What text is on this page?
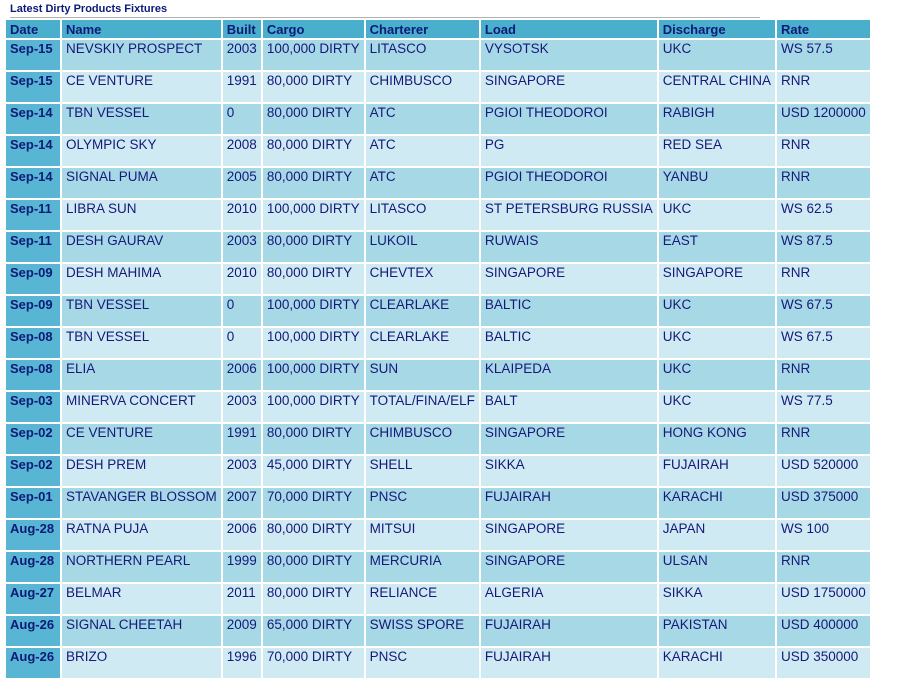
Latest Dirty Products Fixtures
Date	Name	Built	Cargo	Charterer	Load	Discharge	Rate
Sep-15	NEVSKIY PROSPECT	2003	100,000 DIRTY	LITASCO	VYSOTSK	UKC	WS 57.5
Sep-15	CE VENTURE	1991	80,000 DIRTY	CHIMBUSCO	SINGAPORE	CENTRAL CHINA	RNR
Sep-14	TBN VESSEL	0	80,000 DIRTY	ATC	PGIOI THEODOROI	RABIGH	USD 1200000
Sep-14	OLYMPIC SKY	2008	80,000 DIRTY	ATC	PG	RED SEA	RNR
Sep-14	SIGNAL PUMA	2005	80,000 DIRTY	ATC	PGIOI THEODOROI	YANBU	RNR
Sep-11	LIBRA SUN	2010	100,000 DIRTY	LITASCO	ST PETERSBURG RUSSIA	UKC	WS 62.5
Sep-11	DESH GAURAV	2003	80,000 DIRTY	LUKOIL	RUWAIS	EAST	WS 87.5
Sep-09	DESH MAHIMA	2010	80,000 DIRTY	CHEVTEX	SINGAPORE	SINGAPORE	RNR
Sep-09	TBN VESSEL	0	100,000 DIRTY	CLEARLAKE	BALTIC	UKC	WS 67.5
Sep-08	TBN VESSEL	0	100,000 DIRTY	CLEARLAKE	BALTIC	UKC	WS 67.5
Sep-08	ELIA	2006	100,000 DIRTY	SUN	KLAIPEDA	UKC	RNR
Sep-03	MINERVA CONCERT	2003	100,000 DIRTY	TOTAL/FINA/ELF	BALT	UKC	WS 77.5
Sep-02	CE VENTURE	1991	80,000 DIRTY	CHIMBUSCO	SINGAPORE	HONG KONG	RNR
Sep-02	DESH PREM	2003	45,000 DIRTY	SHELL	SIKKA	FUJAIRAH	USD 520000
Sep-01	STAVANGER BLOSSOM	2007	70,000 DIRTY	PNSC	FUJAIRAH	KARACHI	USD 375000
Aug-28	RATNA PUJA	2006	80,000 DIRTY	MITSUI	SINGAPORE	JAPAN	WS 100
Aug-28	NORTHERN PEARL	1999	80,000 DIRTY	MERCURIA	SINGAPORE	ULSAN	RNR
Aug-27	BELMAR	2011	80,000 DIRTY	RELIANCE	ALGERIA	SIKKA	USD 1750000
Aug-26	SIGNAL CHEETAH	2009	65,000 DIRTY	SWISS SPORE	FUJAIRAH	PAKISTAN	USD 400000
Aug-26	BRIZO	1996	70,000 DIRTY	PNSC	FUJAIRAH	KARACHI	USD 350000
